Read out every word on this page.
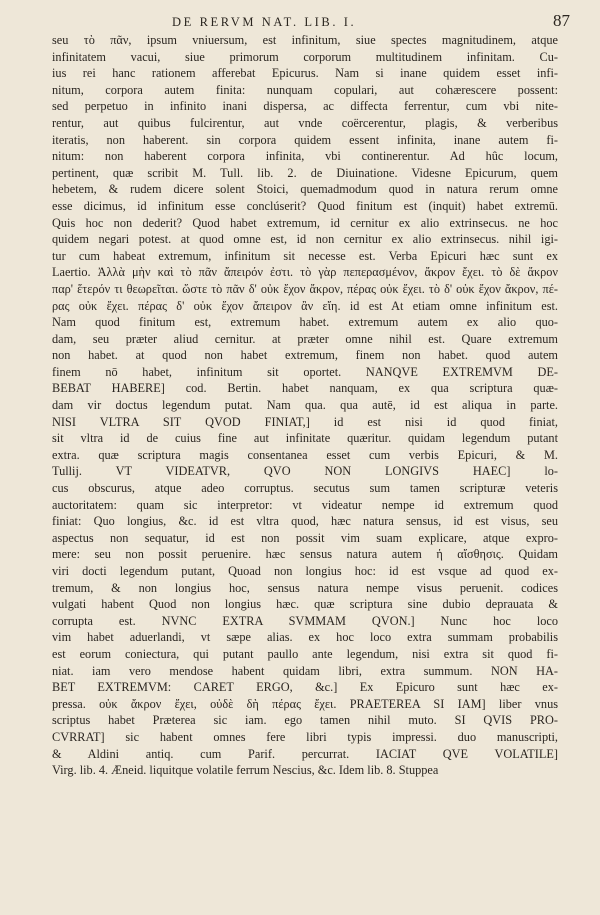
DE RERVM NAT. LIB. I.	87
seu τὸ πᾶν, ipsum vniuersum, est infinitum, siue spectes magnitudinem, atque
infinitatem vacui, siue primorum corporum multitudinem infinitam. Cu-
ius rei hanc rationem afferebat Epicurus. Nam si inane quidem esset infi-
nitum, corpora autem finita: nunquam copulari, aut cohærescere possent:
sed perpetuo in infinito inani dispersa, ac diffecta ferrentur, cum vbi nite-
rentur, aut quibus fulcirentur, aut vnde coërcerentur, plagis, & verberibus
iteratis, non haberent. sin corpora quidem essent infinita, inane autem fi-
nitum: non haberent corpora infinita, vbi continerentur. Ad hûc locum,
pertinent, quæ scribit M. Tull. lib. 2. de Diuinatione. Videsne Epicurum, quem
hebetem, & rudem dicere solent Stoici, quemadmodum quod in natura rerum omne
esse dicimus, id infinitum esse conclúserit? Quod finitum est (inquit) habet extremū.
Quis hoc non dederit? Quod habet extremum, id cernitur ex alio extrinsecus. ne hoc
quidem negari potest. at quod omne est, id non cernitur ex alio extrinsecus. nihil igi-
tur cum habeat extremum, infinitum sit necesse est. Verba Epicuri hæc sunt ex
Laertio. Ἀλλὰ μὴν καὶ τὸ πᾶν ἄπειρόν ἐστι. τὸ γὰρ πεπερασμένον, ἄκρον ἔχει. τὸ δὲ ἄκρον
παρ' ἕτερόν τι θεωρεῖται. ὥστε τὸ πᾶν δ' οὐκ ἔχον ἄκρον, πέρας οὐκ ἔχει. τὸ δ' οὐκ ἔχον ἄκρον, πέ-
ρας οὐκ ἔχει. πέρας δ' οὐκ ἔχον ἄπειρον ἂν εἴη. id est At etiam omne infinitum est.
Nam quod finitum est, extremum habet. extremum autem ex alio quo-
dam, seu præter aliud cernitur. at præter omne nihil est. Quare extremum
non habet. at quod non habet extremum, finem non habet. quod autem
finem nō habet, infinitum sit oportet. NANQVE EXTREMVM DE-
BEBAT HABERE] cod. Bertin. habet nanquam, ex qua scriptura quæ-
dam vir doctus legendum putat. Nam qua. qua autē, id est aliqua in parte.
NISI VLTRA SIT QVOD FINIAT,] id est nisi id quod finiat,
sit vltra id de cuius fine aut infinitate quæritur. quidam legendum putant
extra. quæ scriptura magis consentanea esset cum verbis Epicuri, & M.
Tullij. VT VIDEATVR, QVO NON LONGIVS HAEC] lo-
cus obscurus, atque adeo corruptus. secutus sum tamen scripturæ veteris
auctoritatem: quam sic interpretor: vt videatur nempe id extremum quod
finiat: Quo longius, &c. id est vltra quod, hæc natura sensus, id est visus, seu
aspectus non sequatur, id est non possit vim suam explicare, atque expro-
mere: seu non possit peruenire. hæc sensus natura autem ἡ αἴσθησις. Quidam
viri docti legendum putant, Quoad non longius hoc: id est vsque ad quod ex-
tremum, & non longius hoc, sensus natura nempe visus peruenit. codices
vulgati habent Quod non longius hæc. quæ scriptura sine dubio deprauata &
corrupta est. NVNC EXTRA SVMMAM QVON.] Nunc hoc loco
vim habet aduerlandi, vt sæpe alias. ex hoc loco extra summam probabilis
est eorum coniectura, qui putant paullo ante legendum, nisi extra sit quod fi-
niat. iam vero mendose habent quidam libri, extra summum. NON HA-
BET EXTREMVM: CARET ERGO, &c.] Ex Epicuro sunt hæc ex-
pressa. οὐκ ἄκρον ἔχει, οὐδὲ δὴ πέρας ἔχει. PRAETEREA SI IAM] liber vnus
scriptus habet Præterea sic iam. ego tamen nihil muto. SI QVIS PRO-
CVRRAT] sic habent omnes fere libri typis impressi. duo manuscripti,
& Aldini antiq. cum Parif. percurrat. IACIAT QVE VOLATILE]
Virg. lib. 4. Æneid. liquitque volatile ferrum Nescius, &c. Idem lib. 8. Stuppea
